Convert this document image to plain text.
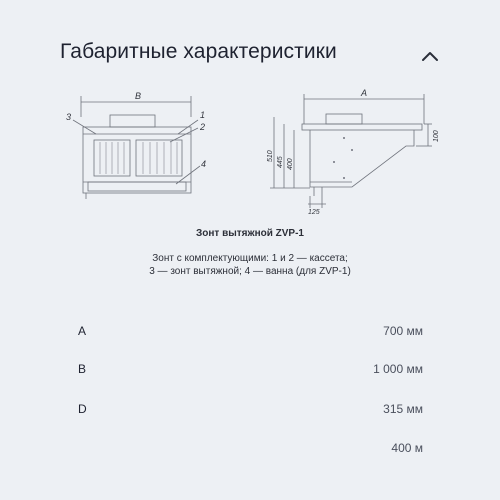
Габаритные характеристики
B
3	1
2
4
A
510
445 400
100
125
Зонт вытяжной ZVP-1
Зонт с комплектующими: 1 и 2 — кассета;
3 — зонт вытяжной; 4 — ванна (для ZVP-1)
A	700 мм
B	1 000 мм
D	315 мм
400 м
